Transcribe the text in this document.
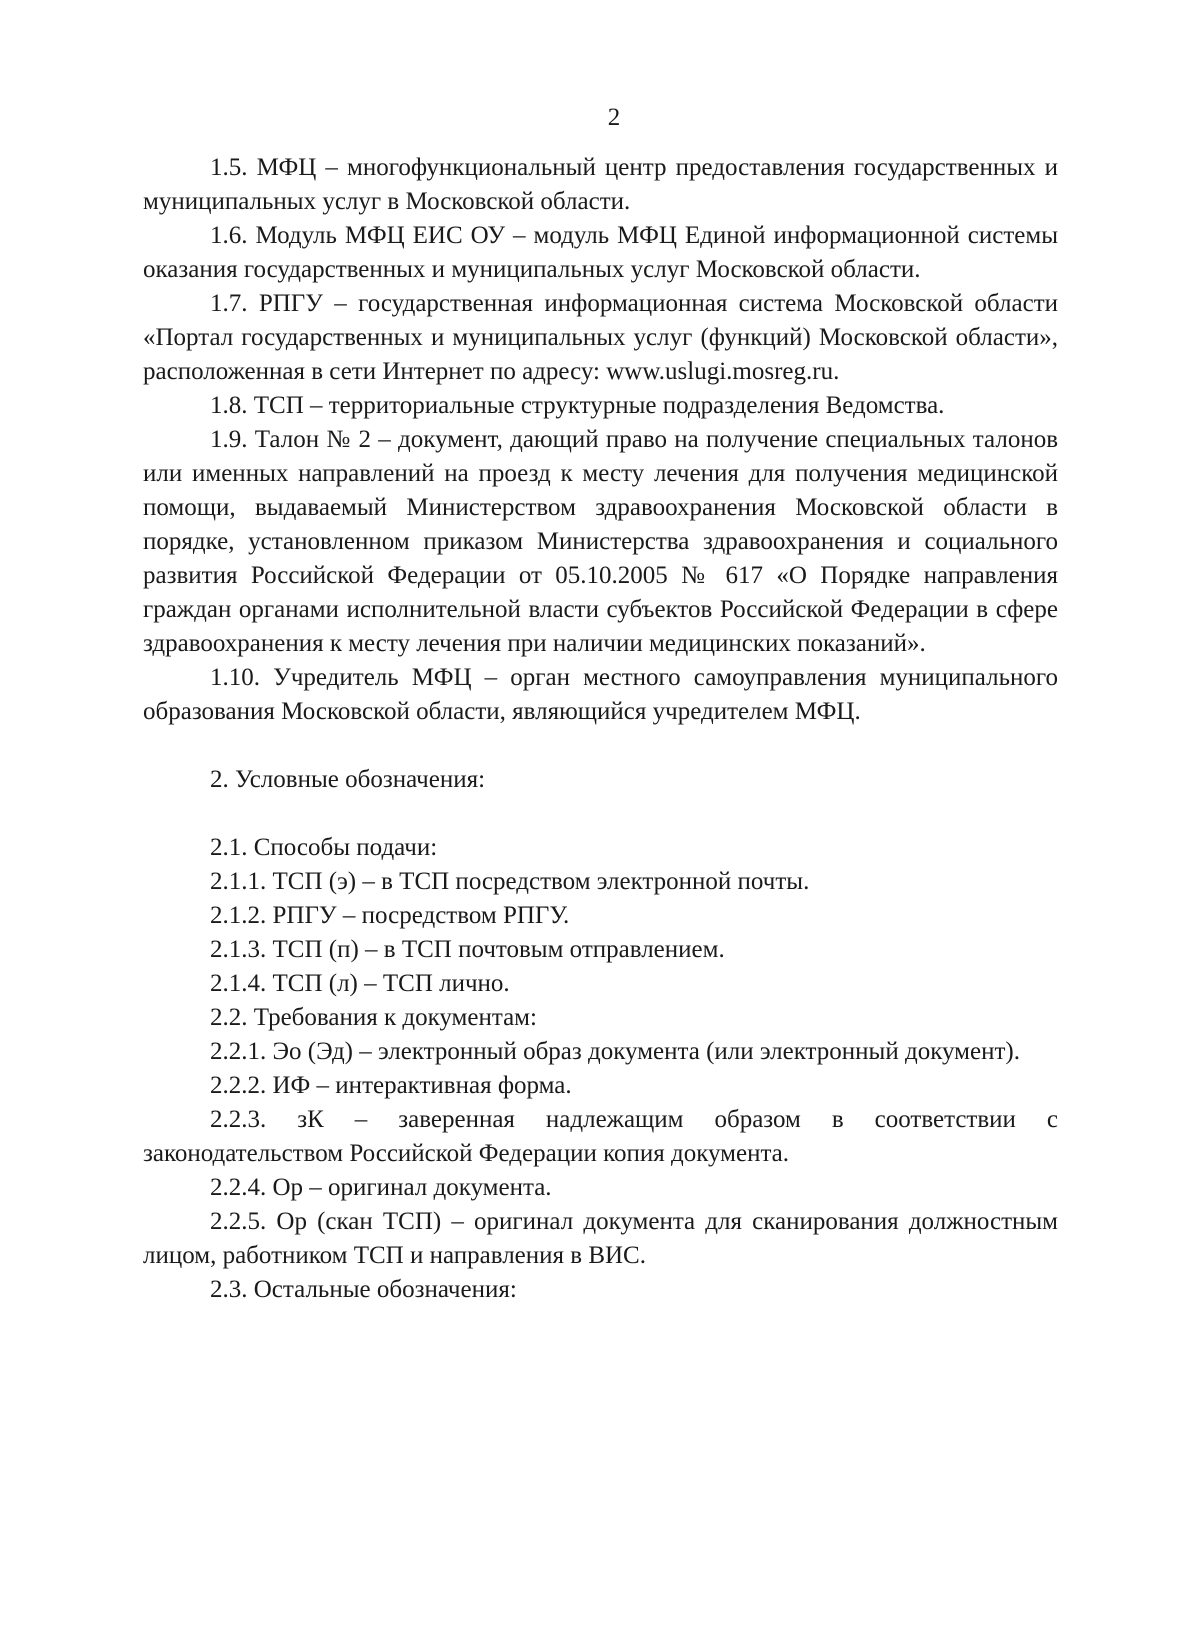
2

1.5. МФЦ – многофункциональный центр предоставления государственных и муниципальных услуг в Московской области.

1.6. Модуль МФЦ ЕИС ОУ – модуль МФЦ Единой информационной системы оказания государственных и муниципальных услуг Московской области.

1.7. РПГУ – государственная информационная система Московской области «Портал государственных и муниципальных услуг (функций) Московской области», расположенная в сети Интернет по адресу: www.uslugi.mosreg.ru.

1.8. ТСП – территориальные структурные подразделения Ведомства.

1.9. Талон № 2 – документ, дающий право на получение специальных талонов или именных направлений на проезд к месту лечения для получения медицинской помощи, выдаваемый Министерством здравоохранения Московской области в порядке, установленном приказом Министерства здравоохранения и социального развития Российской Федерации от 05.10.2005 № 617 «О Порядке направления граждан органами исполнительной власти субъектов Российской Федерации в сфере здравоохранения к месту лечения при наличии медицинских показаний».

1.10. Учредитель МФЦ – орган местного самоуправления муниципального образования Московской области, являющийся учредителем МФЦ.

2. Условные обозначения:

2.1. Способы подачи:

2.1.1. ТСП (э) – в ТСП посредством электронной почты.

2.1.2. РПГУ – посредством РПГУ.

2.1.3. ТСП (п) – в ТСП почтовым отправлением.

2.1.4. ТСП (л) – ТСП лично.

2.2. Требования к документам:

2.2.1. Эо (Эд) – электронный образ документа (или электронный документ).

2.2.2. ИФ – интерактивная форма.

2.2.3. зК – заверенная надлежащим образом в соответствии с законодательством Российской Федерации копия документа.

2.2.4. Ор – оригинал документа.

2.2.5. Ор (скан ТСП) – оригинал документа для сканирования должностным лицом, работником ТСП и направления в ВИС.

2.3. Остальные обозначения:
